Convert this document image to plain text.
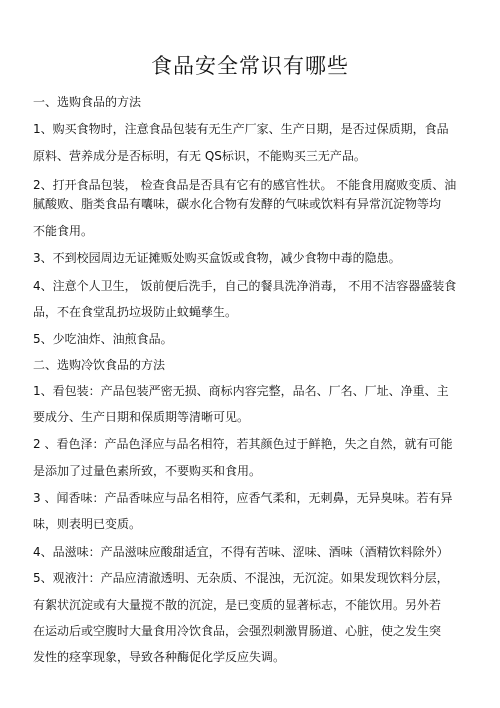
食品安全常识有哪些
一、选购食品的方法
1、购买食物时，注意食品包装有无生产厂家、生产日期，是否过保质期，食品
原料、营养成分是否标明，有无 QS标识，不能购买三无产品。
2、打开食品包装， 检查食品是否具有它有的感官性状。 不能食用腐败变质、油
腻酸败、脂类食品有囔味，碳水化合物有发酵的气味或饮料有异常沉淀物等均
不能食用。
3、不到校园周边无证摊贩处购买盒饭或食物，减少食物中毒的隐患。
4、注意个人卫生， 饭前便后洗手，自己的餐具洗净消毒， 不用不洁容器盛装食
品，不在食堂乱扔垃圾防止蚊蝇孳生。
5、少吃油炸、油煎食品。
二、选购冷饮食品的方法
1、看包装：产品包装严密无损、商标内容完整，品名、厂名、厂址、净重、主
要成分、生产日期和保质期等清晰可见。
2 、看色泽：产品色泽应与品名相符，若其颜色过于鲜艳，失之自然，就有可能
是添加了过量色素所致，不要购买和食用。
3 、闻香味：产品香味应与品名相符，应香气柔和，无刺鼻，无异臭味。若有异
味，则表明已变质。
4、品滋味：产品滋味应酸甜适宜，不得有苦味、涩味、酒味（酒精饮料除外）
5、观液汁：产品应清澈透明、无杂质、不混浊，无沉淀。如果发现饮料分层，
有絮状沉淀或有大量搅不散的沉淀，是已变质的显著标志，不能饮用。另外若
在运动后或空腹时大量食用冷饮食品，会强烈刺激胃肠道、心脏，使之发生突
发性的痉挛现象，导致各种酶促化学反应失调。
